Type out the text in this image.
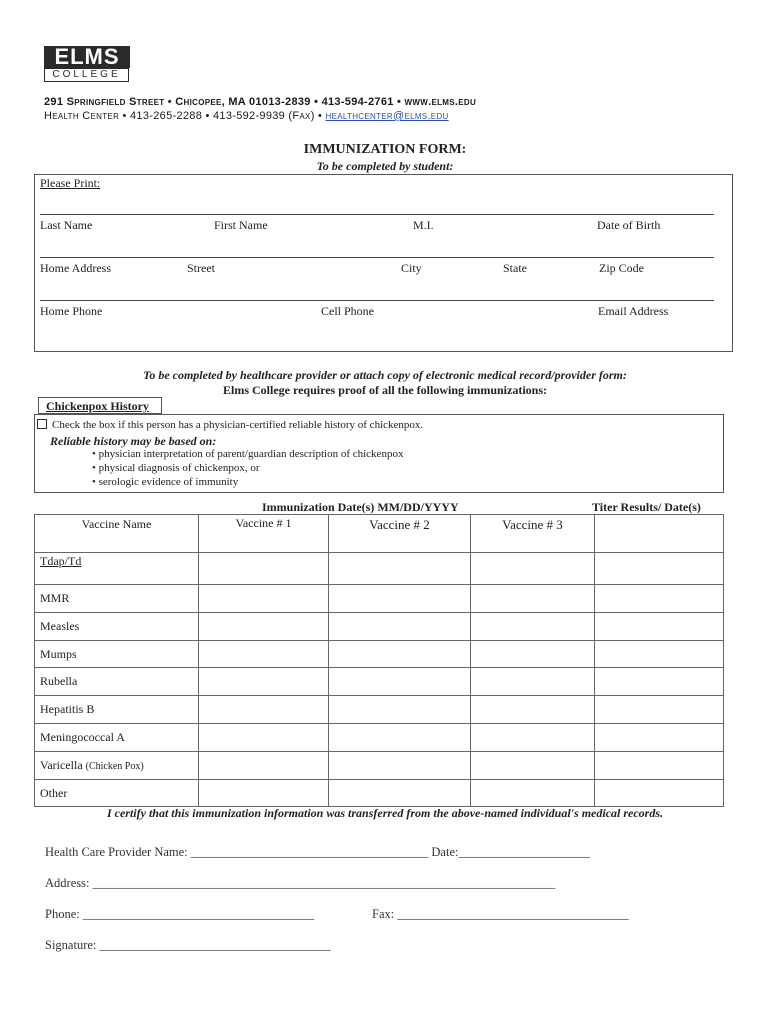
ELMS
COLLEGE
291 Springfield Street • Chicopee, MA 01013-2839 • 413-594-2761 • www.elms.edu
Health Center • 413-265-2288 • 413-592-9939 (Fax) • healthcenter@elms.edu
IMMUNIZATION FORM:
To be completed by student:
Please Print:
Last Name	First Name	M.I.	Date of Birth
Home Address	Street	City	State	Zip Code
Home Phone	Cell Phone	Email Address
To be completed by healthcare provider or attach copy of electronic medical record/provider form:
Elms College requires proof of all the following immunizations:
Chickenpox History
Check the box if this person has a physician-certified reliable history of chickenpox.
Reliable history may be based on:
• physician interpretation of parent/guardian description of chickenpox
• physical diagnosis of chickenpox, or
• serologic evidence of immunity
Immunization Date(s) MM/DD/YYYY	Titer Results/ Date(s)
Vaccine Name	Vaccine # 1	Vaccine # 2	Vaccine # 3	
Tdap/Td				
MMR				
Measles				
Mumps				
Rubella				
Hepatitis B				
Meningococcal A				
Varicella (Chicken Pox)				
Other				
I certify that this immunization information was transferred from the above-named individual's medical records.
Health Care Provider Name: ______________________________________ Date:_____________________
Address: __________________________________________________________________________
Phone: _____________________________________	Fax: _____________________________________
Signature: _____________________________________
